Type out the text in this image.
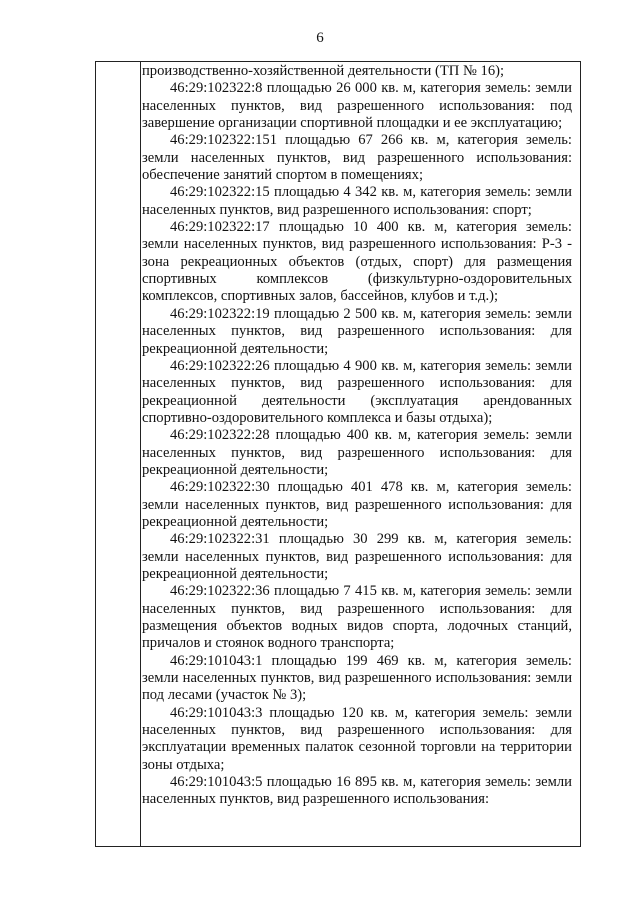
6

производственно-хозяйственной деятельности (ТП № 16);

46:29:102322:8 площадью 26 000 кв. м, категория земель: земли населенных пунктов, вид разрешенного использования: под завершение организации спортивной площадки и ее эксплуатацию;

46:29:102322:151 площадью 67 266 кв. м, категория земель: земли населенных пунктов, вид разрешенного использования: обеспечение занятий спортом в помещениях;

46:29:102322:15 площадью 4 342 кв. м, категория земель: земли населенных пунктов, вид разрешенного использования: спорт;

46:29:102322:17 площадью 10 400 кв. м, категория земель: земли населенных пунктов, вид разрешенного использования: Р-3 - зона рекреационных объектов (отдых, спорт) для размещения спортивных комплексов (физкультурно-оздоровительных комплексов, спортивных залов, бассейнов, клубов и т.д.);

46:29:102322:19 площадью 2 500 кв. м, категория земель: земли населенных пунктов, вид разрешенного использования: для рекреационной деятельности;

46:29:102322:26 площадью 4 900 кв. м, категория земель: земли населенных пунктов, вид разрешенного использования: для рекреационной деятельности (эксплуатация арендованных спортивно-оздоровительного комплекса и базы отдыха);

46:29:102322:28 площадью 400 кв. м, категория земель: земли населенных пунктов, вид разрешенного использования: для рекреационной деятельности;

46:29:102322:30 площадью 401 478 кв. м, категория земель: земли населенных пунктов, вид разрешенного использования: для рекреационной деятельности;

46:29:102322:31 площадью 30 299 кв. м, категория земель: земли населенных пунктов, вид разрешенного использования: для рекреационной деятельности;

46:29:102322:36 площадью 7 415 кв. м, категория земель: земли населенных пунктов, вид разрешенного использования: для размещения объектов водных видов спорта, лодочных станций, причалов и стоянок водного транспорта;

46:29:101043:1 площадью 199 469 кв. м, категория земель: земли населенных пунктов, вид разрешенного использования: земли под лесами (участок № 3);

46:29:101043:3 площадью 120 кв. м, категория земель: земли населенных пунктов, вид разрешенного использования: для эксплуатации временных палаток сезонной торговли на территории зоны отдыха;

46:29:101043:5 площадью 16 895 кв. м, категория земель: земли населенных пунктов, вид разрешенного использования:
